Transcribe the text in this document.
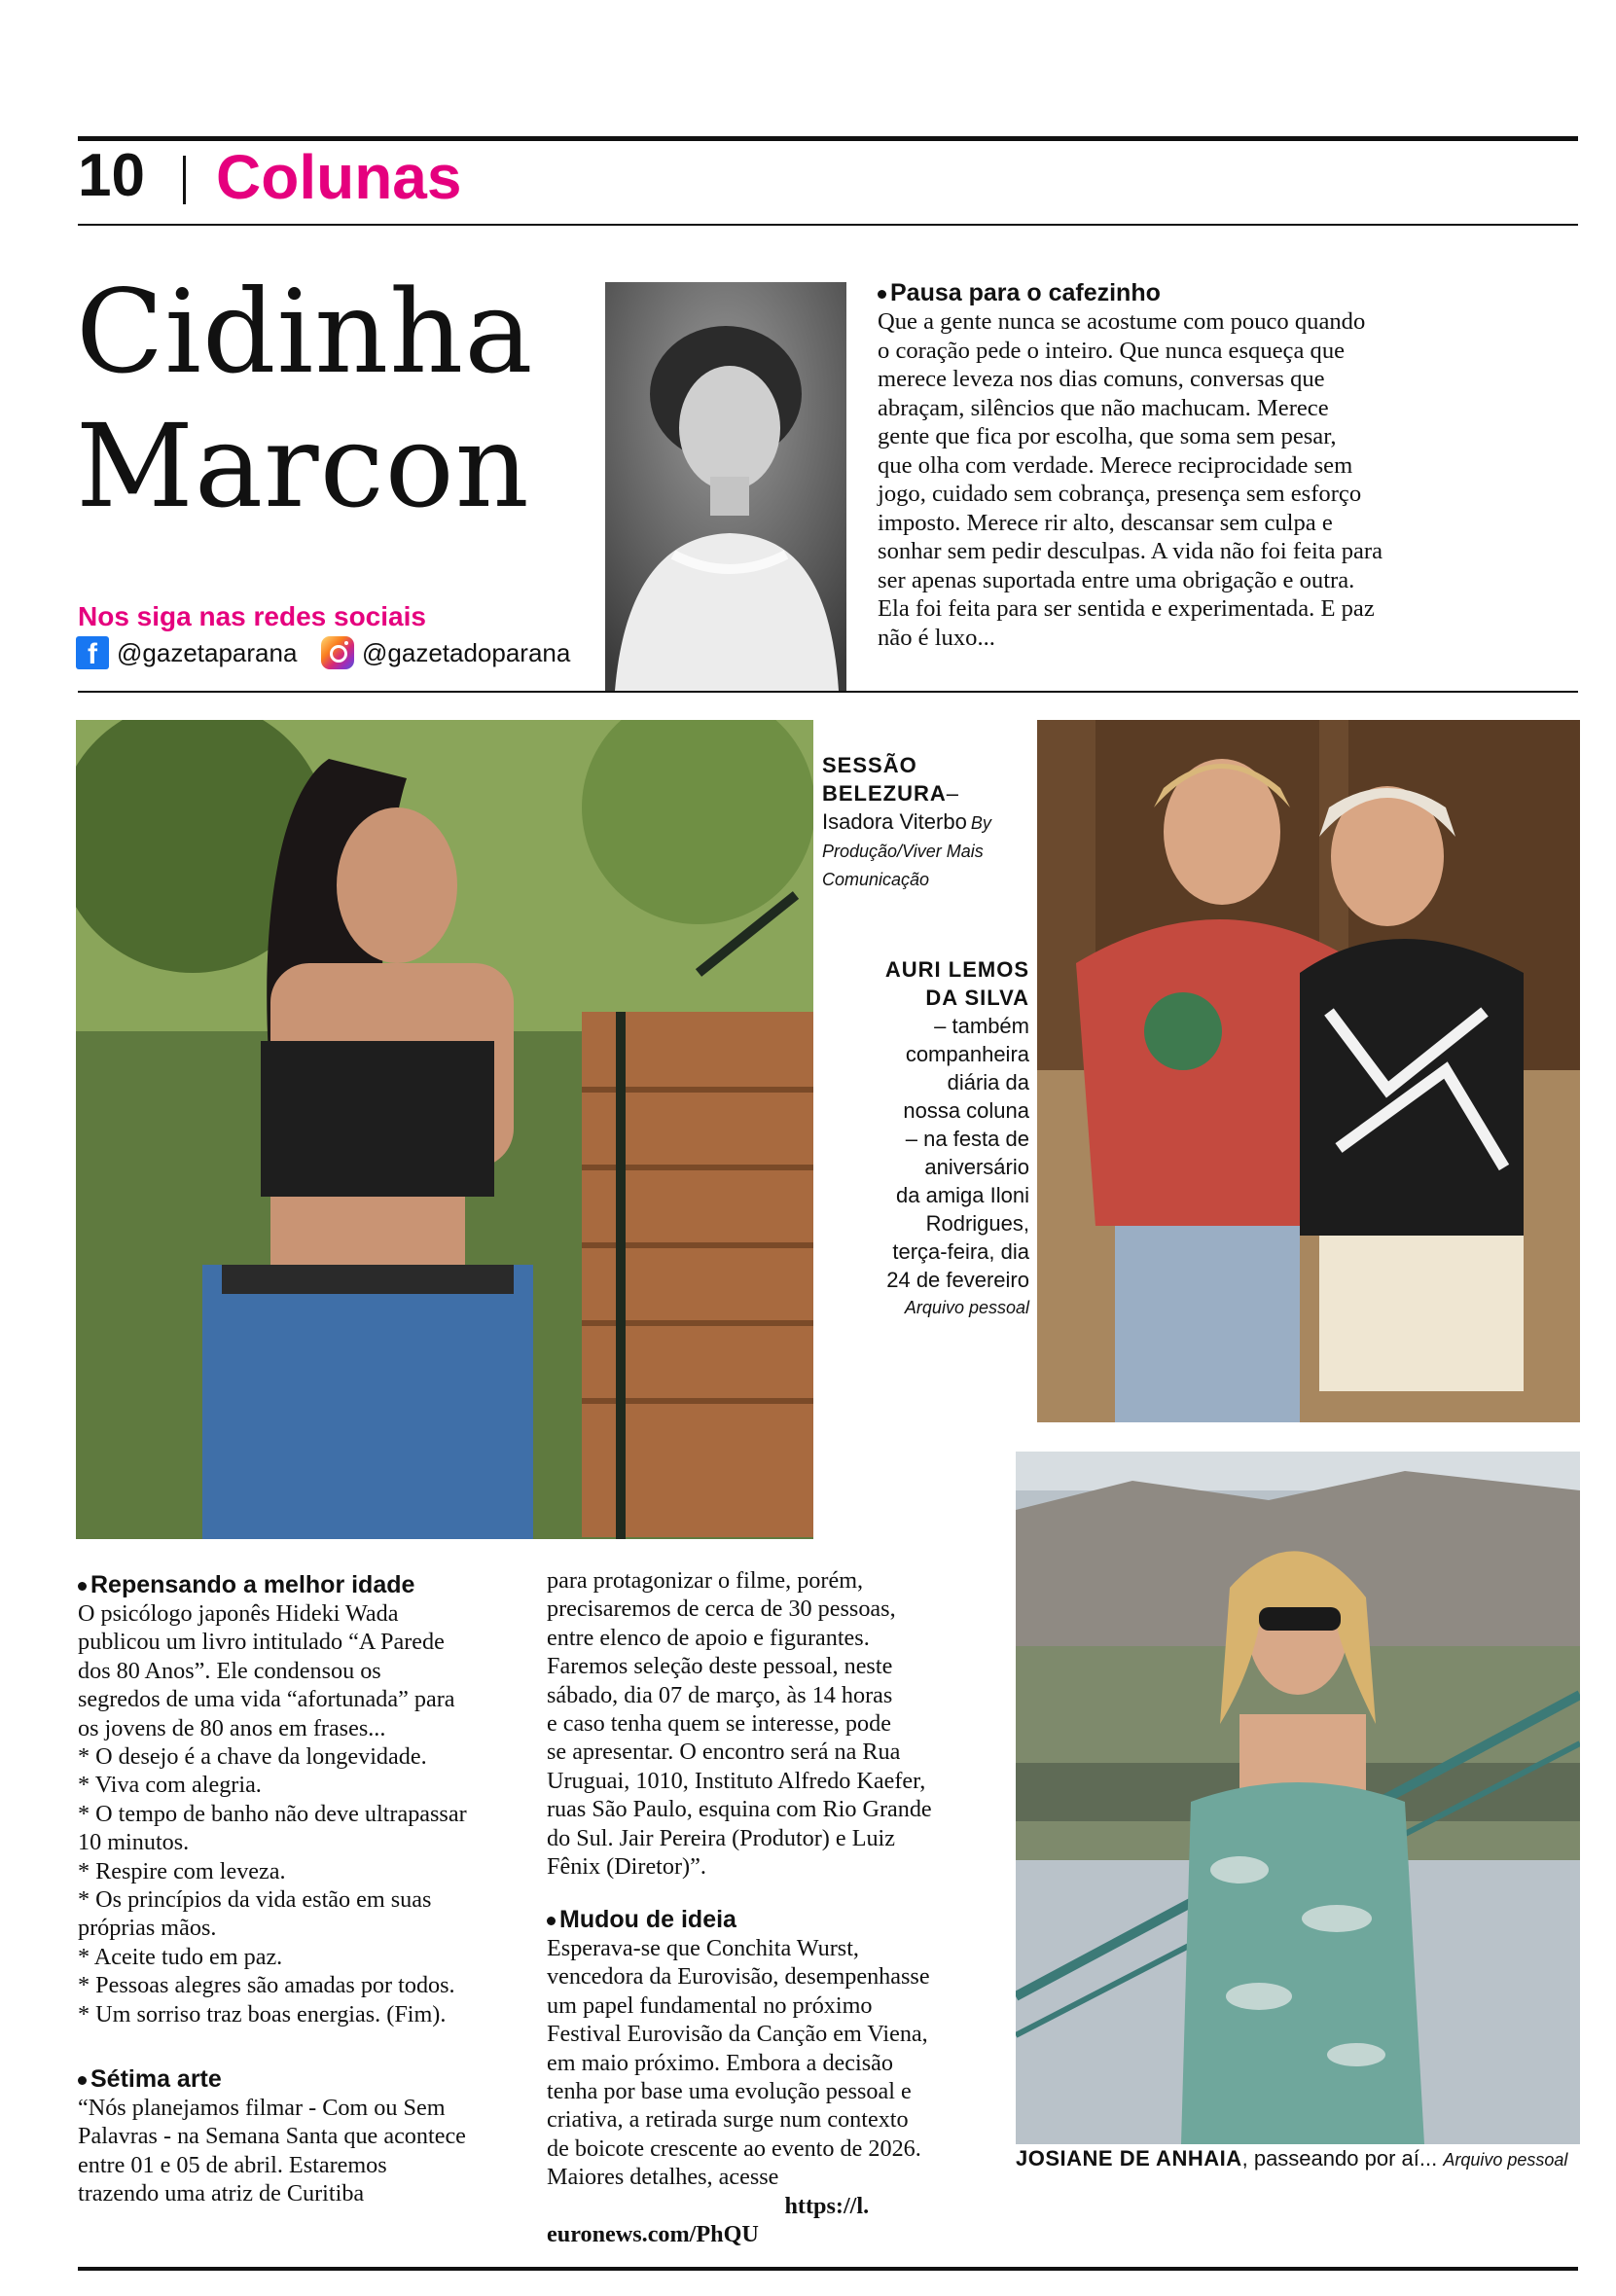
10 Colunas
Cidinha
Marcon
Nos siga nas redes sociais
f @gazetaparana	@gazetadoparana
Pausa para o cafezinho
Que a gente nunca se acostume com pouco quando
o coração pede o inteiro. Que nunca esqueça que
merece leveza nos dias comuns, conversas que
abraçam, silêncios que não machucam. Merece
gente que fica por escolha, que soma sem pesar,
que olha com verdade. Merece reciprocidade sem
jogo, cuidado sem cobrança, presença sem esforço
imposto. Merece rir alto, descansar sem culpa e
sonhar sem pedir desculpas. A vida não foi feita para
ser apenas suportada entre uma obrigação e outra.
Ela foi feita para ser sentida e experimentada. E paz
não é luxo...
SESSÃO
BELEZURA–
Isadora Viterbo By
Produção/Viver Mais
Comunicação
AURI LEMOS
DA SILVA
– também
companheira
diária da
nossa coluna
– na festa de
aniversário
da amiga Iloni
Rodrigues,
terça-feira, dia
24 de fevereiro
Arquivo pessoal
Repensando a melhor idade
O psicólogo japonês Hideki Wada
publicou um livro intitulado “A Parede
dos 80 Anos”. Ele condensou os
segredos de uma vida “afortunada” para
os jovens de 80 anos em frases...
* O desejo é a chave da longevidade.
* Viva com alegria.
* O tempo de banho não deve ultrapassar
10 minutos.
* Respire com leveza.
* Os princípios da vida estão em suas
próprias mãos.
* Aceite tudo em paz.
* Pessoas alegres são amadas por todos.
* Um sorriso traz boas energias. (Fim).
Sétima arte
“Nós planejamos filmar - Com ou Sem
Palavras - na Semana Santa que acontece
entre 01 e 05 de abril. Estaremos
trazendo uma atriz de Curitiba
para protagonizar o filme, porém,
precisaremos de cerca de 30 pessoas,
entre elenco de apoio e figurantes.
Faremos seleção deste pessoal, neste
sábado, dia 07 de março, às 14 horas
e caso tenha quem se interesse, pode
se apresentar. O encontro será na Rua
Uruguai, 1010, Instituto Alfredo Kaefer,
ruas São Paulo, esquina com Rio Grande
do Sul. Jair Pereira (Produtor) e Luiz
Fênix (Diretor)”.
Mudou de ideia
Esperava-se que Conchita Wurst,
vencedora da Eurovisão, desempenhasse
um papel fundamental no próximo
Festival Eurovisão da Canção em Viena,
em maio próximo. Embora a decisão
tenha por base uma evolução pessoal e
criativa, a retirada surge num contexto
de boicote crescente ao evento de 2026.
Maiores detalhes, acesse

https://l.

euronews.com/PhQU
JOSIANE DE ANHAIA, passeando por aí... Arquivo pessoal
